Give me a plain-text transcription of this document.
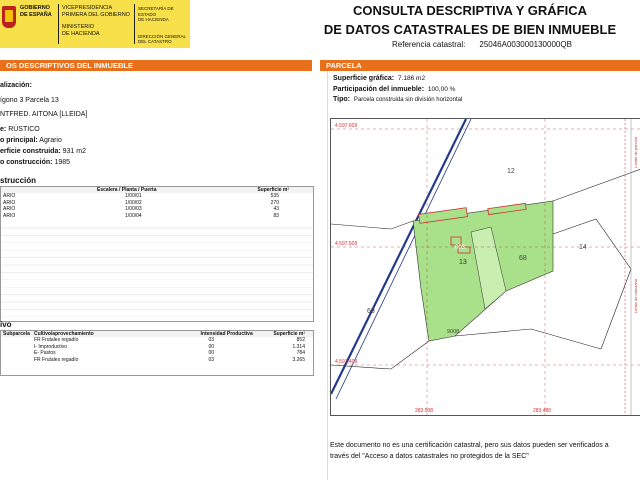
GOBIERNO
DE ESPAÑA
VICEPRESIDENCIA
PRIMERA DEL GOBIERNO
MINISTERIO
DE HACIENDA
SECRETARÍA DE ESTADO
DE HACIENDA
DIRECCIÓN GENERAL
DEL CATASTRO
CONSULTA DESCRIPTIVA Y GRÁFICA
DE DATOS CATASTRALES DE BIEN INMUEBLE
Referencia catastral: 25046A003000130000QB
OS DESCRIPTIVOS DEL INMUEBLE
alización:
ígono 3 Parcela 13
NTFRED. AITONA [LLEIDA]
e: RÚSTICO
o principal: Agrario
erficie construida: 931 m2
o construcción: 1985
strucción
	Escalera / Planta / Puerta	Superficie m²
ARIO	1/00/01	535
ARIO	1/00/02	270
ARIO	1/00/03	43
ARIO	1/00/04	83
ivo
Subparcela	Cultivo/aprovechamiento	Intensidad Productiva	Superficie m²
	FR Frutales regadío	03	852
	I- Improductivo	00	1.314
	E- Pastos	00	784
	FR Frutales regadío	03	3.265
PARCELA
Superficie gráfica: 7.186 m2
Participación del inmueble: 100,00 %
Tipo: Parcela construida sin división horizontal
4.597.609
4.597.509
4.597.409
283.508	283.480
12
003
13
68
14
69
9008
Límite de parcela
Límite de manzana
Este documento no es una certificación catastral, pero sus datos pueden ser verificados a
través del "Acceso a datos catastrales no protegidos de la SEC"
